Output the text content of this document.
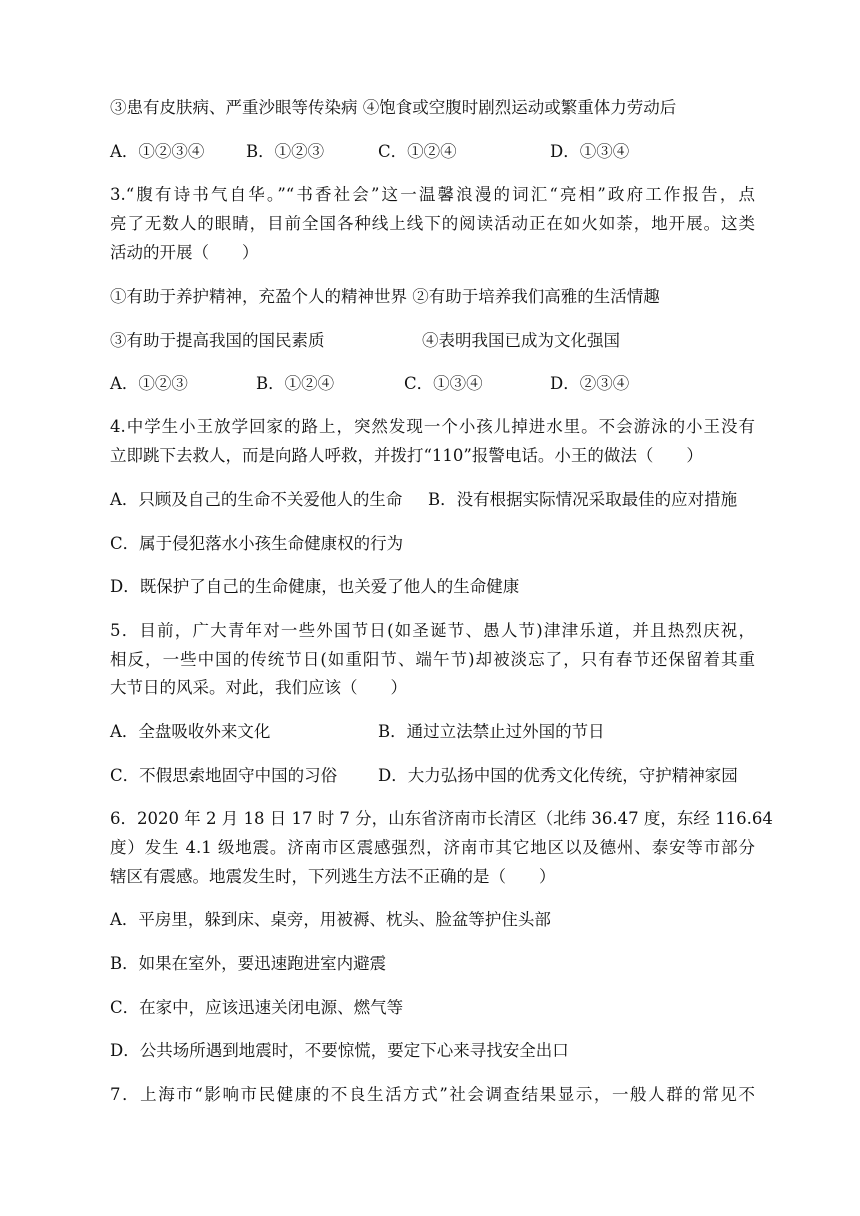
③患有皮肤病、严重沙眼等传染病 ④饱食或空腹时剧烈运动或繁重体力劳动后
A．①②③④	B．①②③	C．①②④	D．①③④
3.“腹有诗书气自华。”“书香社会”这一温馨浪漫的词汇“亮相”政府工作报告，点
亮了无数人的眼睛，目前全国各种线上线下的阅读活动正在如火如荼，地开展。这类
活动的开展（　　）
①有助于养护精神，充盈个人的精神世界 ②有助于培养我们高雅的生活情趣
③有助于提高我国的国民素质	④表明我国已成为文化强国
A．①②③	B．①②④	C．①③④	D．②③④
4.中学生小王放学回家的路上，突然发现一个小孩儿掉进水里。不会游泳的小王没有
立即跳下去救人，而是向路人呼救，并拨打“110”报警电话。小王的做法（　　）
A．只顾及自己的生命不关爱他人的生命 B．没有根据实际情况采取最佳的应对措施
C．属于侵犯落水小孩生命健康权的行为
D．既保护了自己的生命健康，也关爱了他人的生命健康
5．目前，广大青年对一些外国节日(如圣诞节、愚人节)津津乐道，并且热烈庆祝，
相反，一些中国的传统节日(如重阳节、端午节)却被淡忘了，只有春节还保留着其重
大节日的风采。对此，我们应该（　　）
A．全盘吸收外来文化	B．通过立法禁止过外国的节日
C．不假思索地固守中国的习俗 D．大力弘扬中国的优秀文化传统，守护精神家园
6．2020 年 2 月 18 日 17 时 7 分，山东省济南市长清区（北纬 36.47 度，东经 116.64
度）发生 4.1 级地震。济南市区震感强烈，济南市其它地区以及德州、泰安等市部分
辖区有震感。地震发生时，下列逃生方法不正确的是（　　）
A．平房里，躲到床、桌旁，用被褥、枕头、脸盆等护住头部
B．如果在室外，要迅速跑进室内避震
C．在家中，应该迅速关闭电源、燃气等
D．公共场所遇到地震时，不要惊慌，要定下心来寻找安全出口
7．上海市“影响市民健康的不良生活方式”社会调查结果显示，一般人群的常见不
